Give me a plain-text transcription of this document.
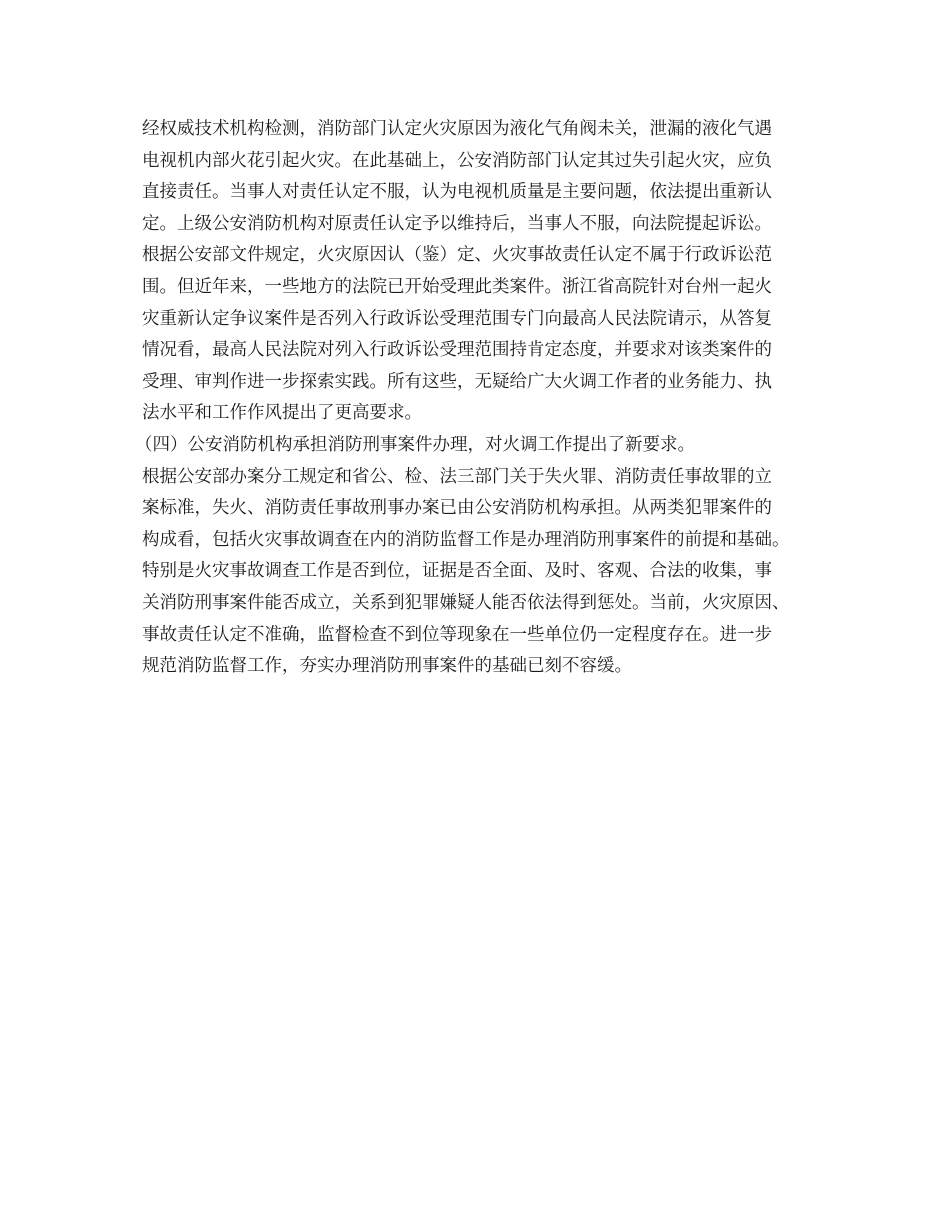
经权威技术机构检测，消防部门认定火灾原因为液化气角阀未关，泄漏的液化气遇
电视机内部火花引起火灾。在此基础上，公安消防部门认定其过失引起火灾，应负
直接责任。当事人对责任认定不服，认为电视机质量是主要问题，依法提出重新认
定。上级公安消防机构对原责任认定予以维持后，当事人不服，向法院提起诉讼。
根据公安部文件规定，火灾原因认（鉴）定、火灾事故责任认定不属于行政诉讼范
围。但近年来，一些地方的法院已开始受理此类案件。浙江省高院针对台州一起火
灾重新认定争议案件是否列入行政诉讼受理范围专门向最高人民法院请示，从答复
情况看，最高人民法院对列入行政诉讼受理范围持肯定态度，并要求对该类案件的
受理、审判作进一步探索实践。所有这些，无疑给广大火调工作者的业务能力、执
法水平和工作作风提出了更高要求。
（四）公安消防机构承担消防刑事案件办理，对火调工作提出了新要求。
根据公安部办案分工规定和省公、检、法三部门关于失火罪、消防责任事故罪的立
案标准，失火、消防责任事故刑事办案已由公安消防机构承担。从两类犯罪案件的
构成看，包括火灾事故调查在内的消防监督工作是办理消防刑事案件的前提和基础。
特别是火灾事故调查工作是否到位，证据是否全面、及时、客观、合法的收集，事
关消防刑事案件能否成立，关系到犯罪嫌疑人能否依法得到惩处。当前，火灾原因、
事故责任认定不准确，监督检查不到位等现象在一些单位仍一定程度存在。进一步
规范消防监督工作，夯实办理消防刑事案件的基础已刻不容缓。
